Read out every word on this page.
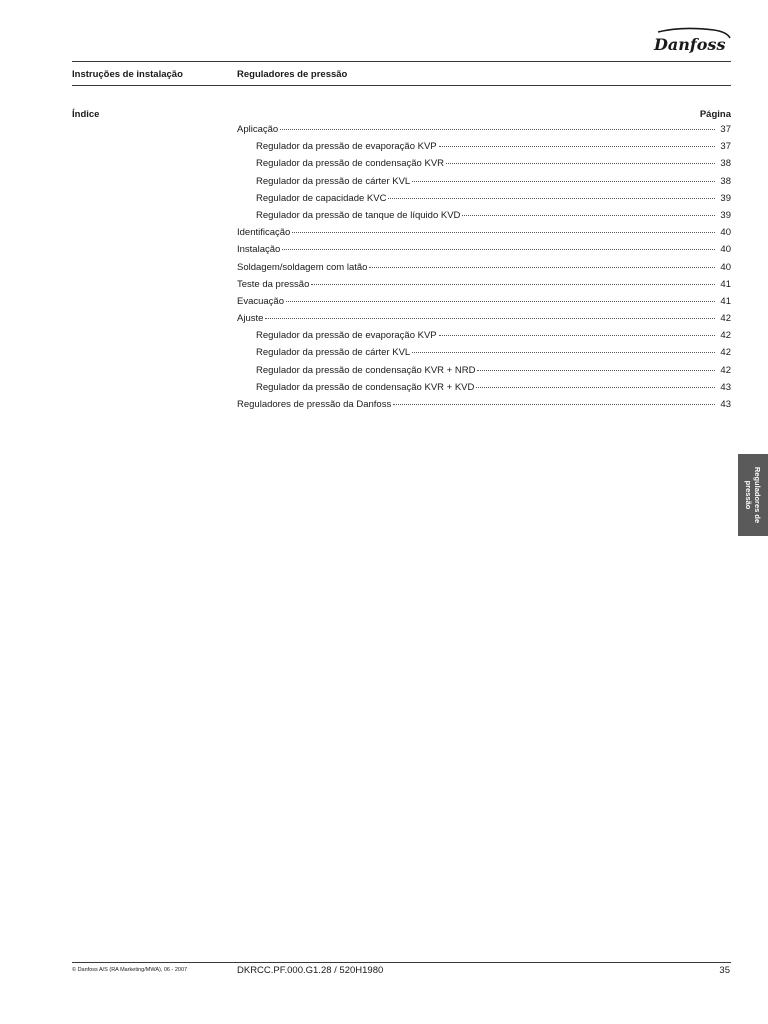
Danfoss
Instruções de instalação	Reguladores de pressão
Índice	Página
Aplicação	37
Regulador da pressão de evaporação KVP	37
Regulador da pressão de condensação KVR	38
Regulador da pressão de cárter KVL	38
Regulador de capacidade KVC	39
Regulador da pressão de tanque de líquido KVD	39
Identificação	40
Instalação	40
Soldagem/soldagem com latão	40
Teste da pressão	41
Evacuação	41
Ajuste	42
Regulador da pressão de evaporação KVP	42
Regulador da pressão de cárter KVL	42
Regulador da pressão de condensação KVR + NRD	42
Regulador da pressão de condensação KVR + KVD	43
Reguladores de pressão da Danfoss	43
Reguladores de pressão
© Danfoss A/S (RA Marketing/MWA), 06 - 2007	DKRCC.PF.000.G1.28 / 520H1980	35
